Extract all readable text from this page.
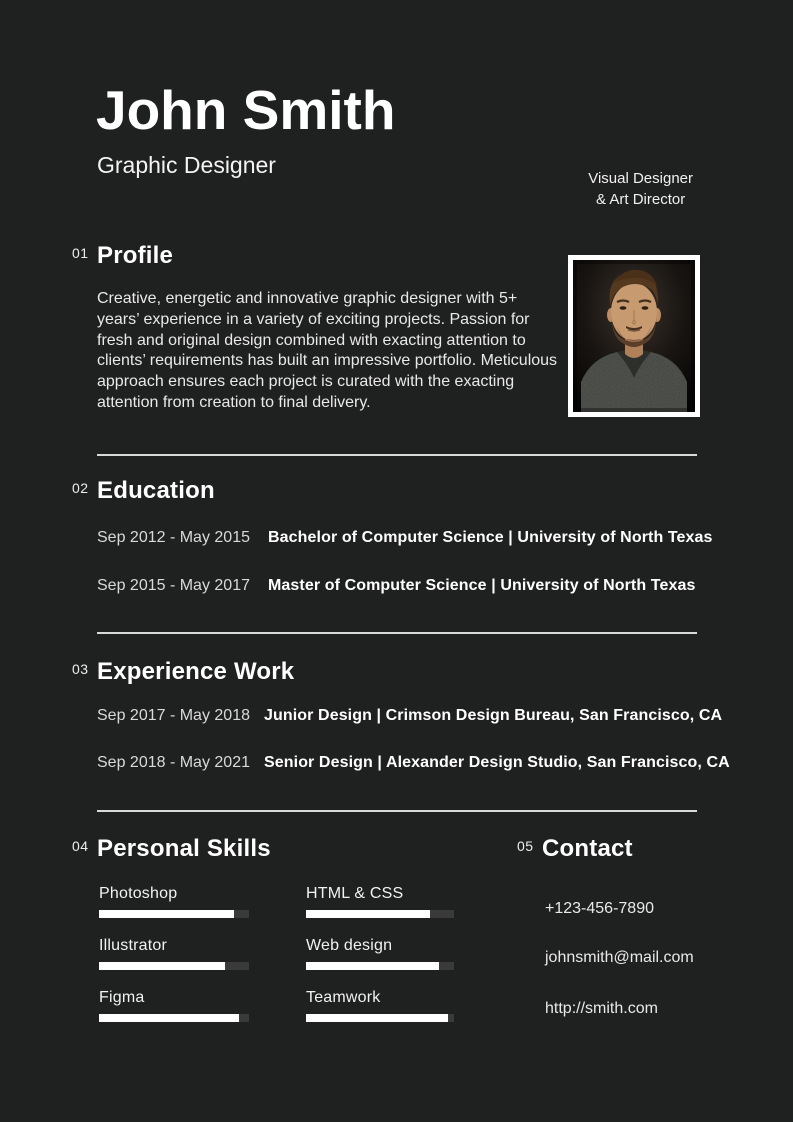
John Smith
Graphic Designer
Visual Designer
& Art Director
01 Profile

Creative, energetic and innovative graphic designer with 5+ years’ experience in a variety of exciting projects. Passion for fresh and original design combined with exacting attention to clients’ requirements has built an impressive portfolio. Meticulous approach ensures each project is curated with the exacting attention from creation to final delivery.

02 Education
Sep 2012 - May 2015 Bachelor of Computer Science | University of North Texas
Sep 2015 - May 2017 Master of Computer Science | University of North Texas
03 Experience Work
Sep 2017 - May 2018 Junior Design | Crimson Design Bureau, San Francisco, CA
Sep 2018 - May 2021 Senior Design | Alexander Design Studio, San Francisco, CA
04 Personal Skills
Photoshop
Illustrator
Figma
HTML & CSS
Web design
Teamwork
05 Contact
+123-456-7890
johnsmith@mail.com
http://smith.com
